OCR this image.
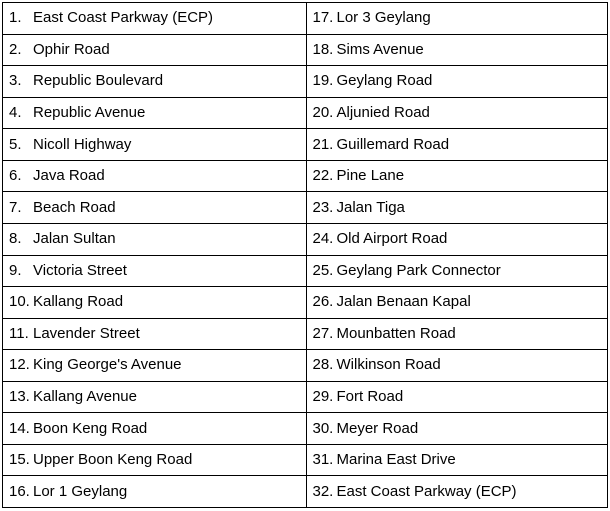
1. East Coast Parkway (ECP)	17. Lor 3 Geylang
2. Ophir Road	18. Sims Avenue
3. Republic Boulevard	19. Geylang Road
4. Republic Avenue	20. Aljunied Road
5. Nicoll Highway	21. Guillemard Road
6. Java Road	22. Pine Lane
7. Beach Road	23. Jalan Tiga
8. Jalan Sultan	24. Old Airport Road
9. Victoria Street	25. Geylang Park Connector
10. Kallang Road	26. Jalan Benaan Kapal
11. Lavender Street	27. Mounbatten Road
12. King George's Avenue	28. Wilkinson Road
13. Kallang Avenue	29. Fort Road
14. Boon Keng Road	30. Meyer Road
15. Upper Boon Keng Road	31. Marina East Drive
16. Lor 1 Geylang	32. East Coast Parkway (ECP)
